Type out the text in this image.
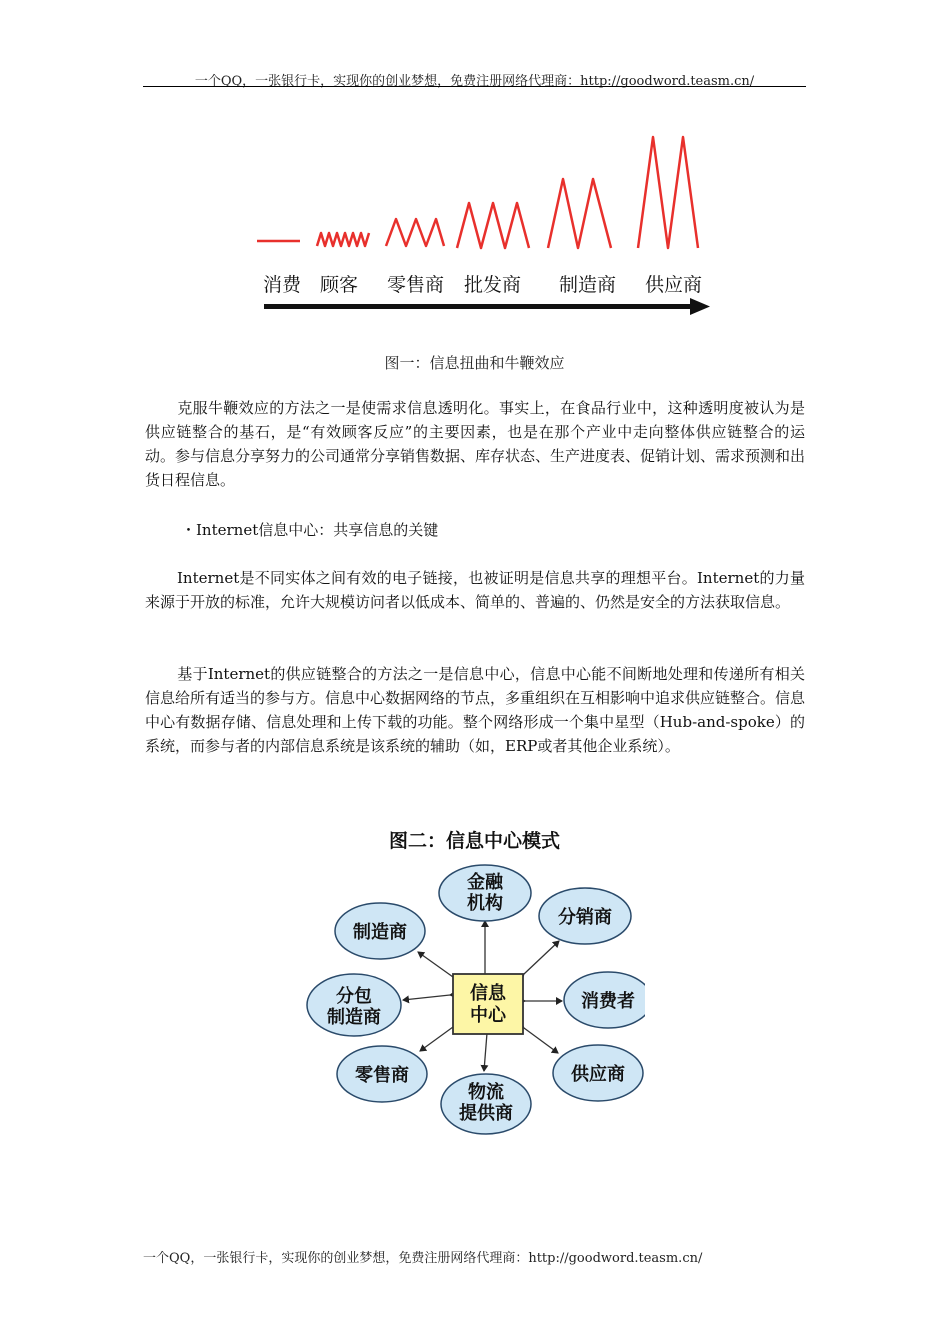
一个QQ，一张银行卡，实现你的创业梦想，免费注册网络代理商：http://goodword.teasm.cn/
消费 顾客 零售商 批发商 制造商 供应商
图一：信息扭曲和牛鞭效应

克服牛鞭效应的方法之一是使需求信息透明化。事实上，在食品行业中，这种透明度被认为是供应链整合的基石，是“有效顾客反应”的主要因素，也是在那个产业中走向整体供应链整合的运动。参与信息分享努力的公司通常分享销售数据、库存状态、生产进度表、促销计划、需求预测和出货日程信息。

・Internet信息中心：共享信息的关键

Internet是不同实体之间有效的电子链接，也被证明是信息共享的理想平台。Internet的力量来源于开放的标准，允许大规模访问者以低成本、简单的、普遍的、仍然是安全的方法获取信息。

基于Internet的供应链整合的方法之一是信息中心，信息中心能不间断地处理和传递所有相关信息给所有适当的参与方。信息中心数据网络的节点，多重组织在互相影响中追求供应链整合。信息中心有数据存储、信息处理和上传下载的功能。整个网络形成一个集中星型（Hub-and-spoke）的系统，而参与者的内部信息系统是该系统的辅助（如，ERP或者其他企业系统）。

图二：信息中心模式
金融
机构
制造商
分销商
分包
制造商
消费者
零售商	供应商
物流
提供商
信息
中心
一个QQ，一张银行卡，实现你的创业梦想，免费注册网络代理商：http://goodword.teasm.cn/
